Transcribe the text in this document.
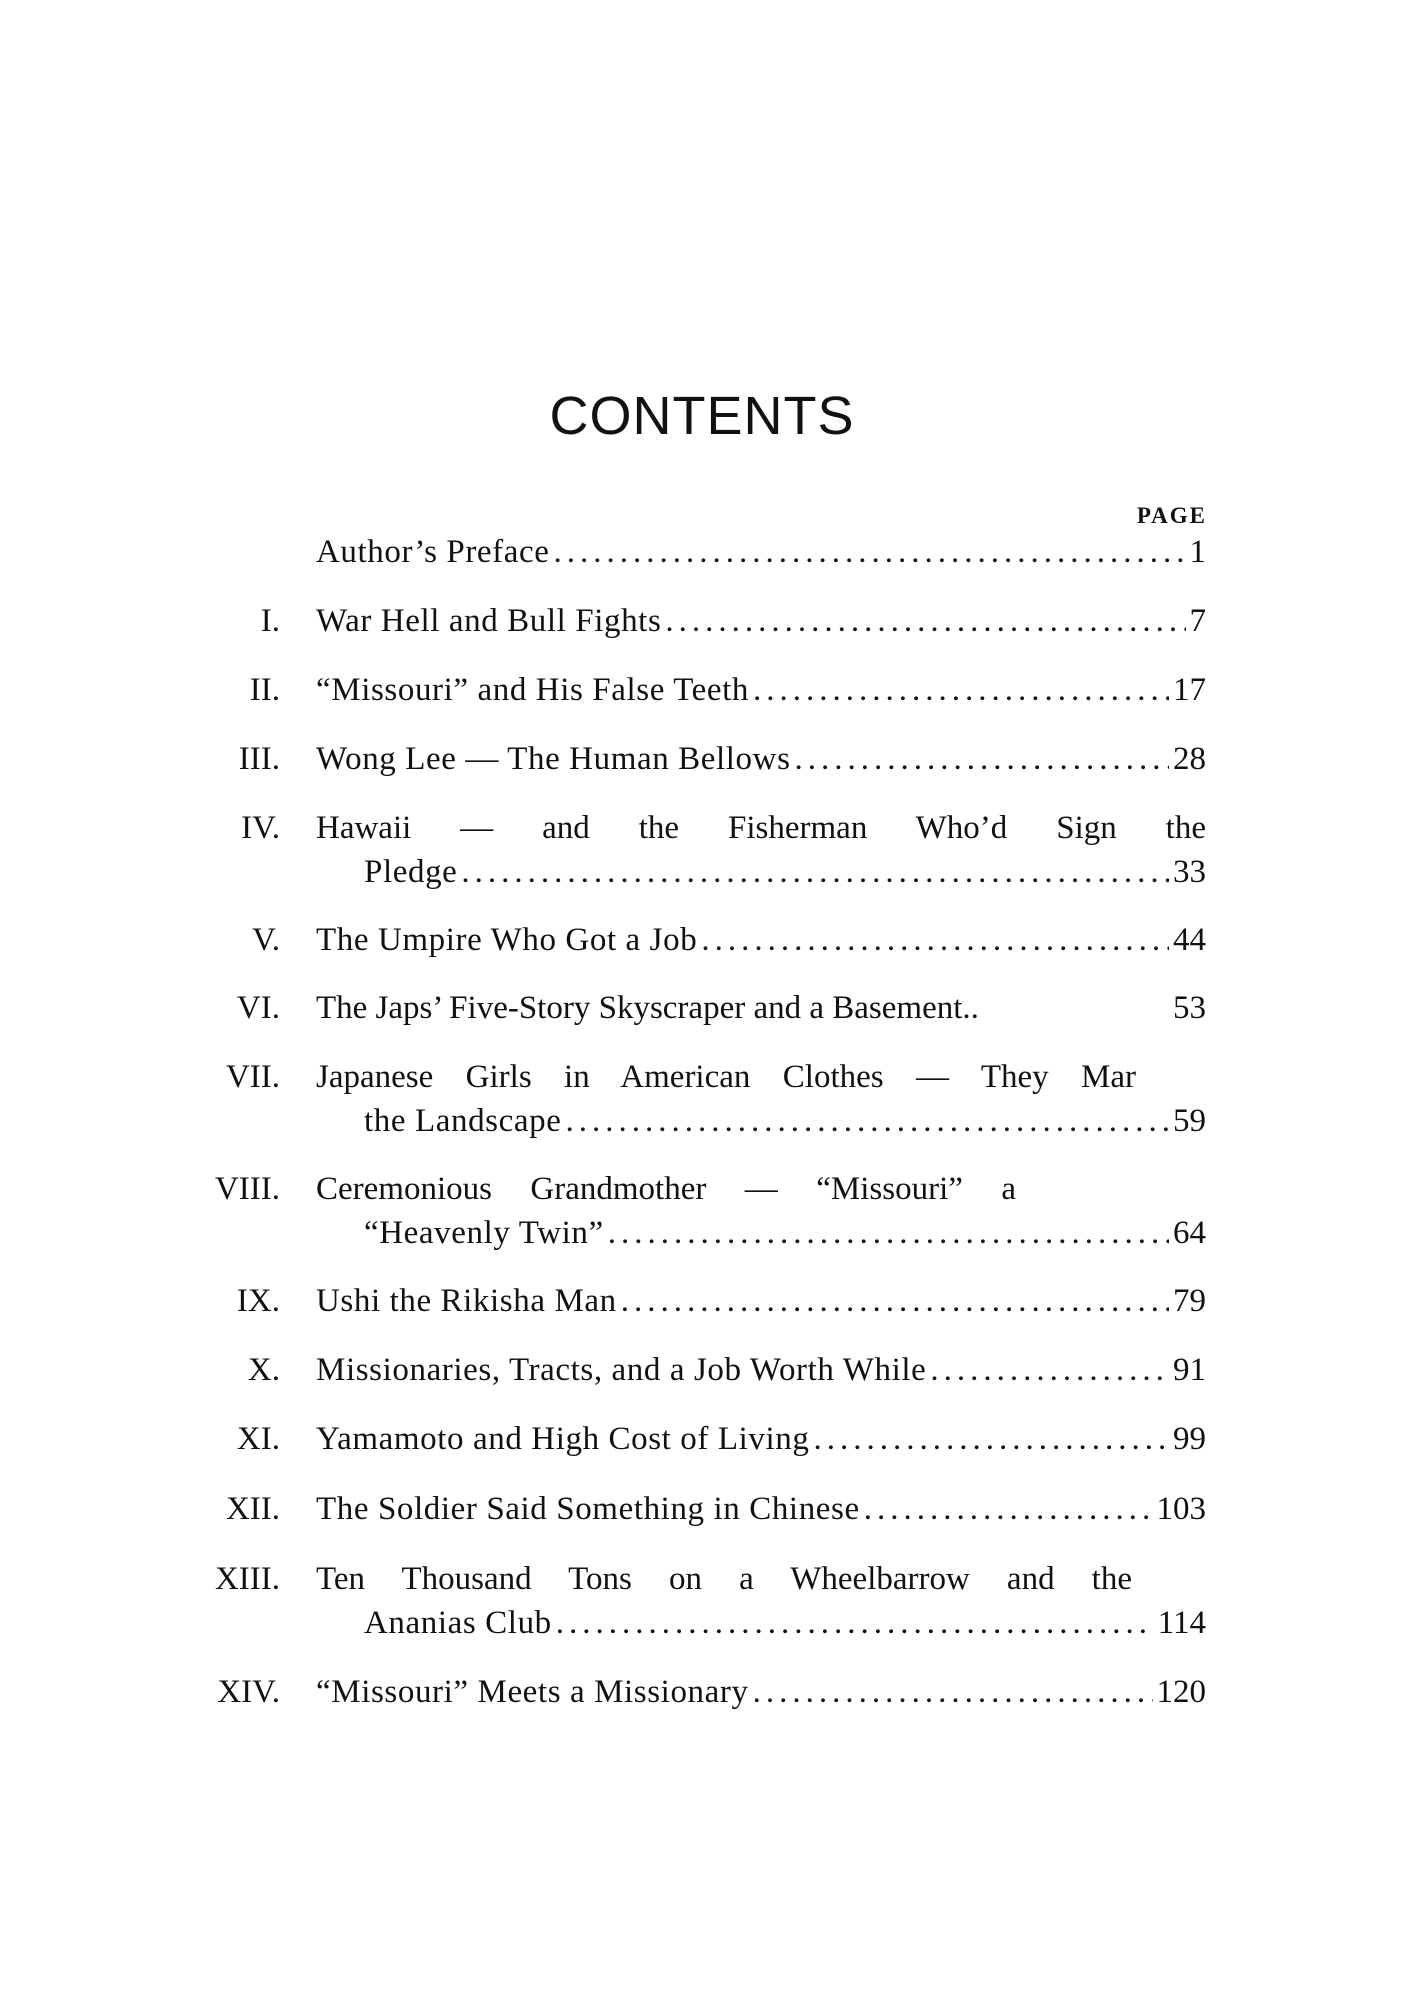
CONTENTS
PAGE
Author’s Preface .....	1
I. War Hell and Bull Fights .....	7
II. “Missouri” and His False Teeth .....	17
III. Wong Lee — The Human Bellows .....	28
IV. Hawaii — and the Fisherman Who’d Sign the
Pledge .....	33
V. The Umpire Who Got a Job .....	44
VI. The Japs’ Five-Story Skyscraper and a Basement..	53
VII. Japanese Girls in American Clothes — They Mar
the Landscape .....	59
VIII. Ceremonious Grandmother — “Missouri” a
“Heavenly Twin” .....	64
IX. Ushi the Rikisha Man .....	79
X. Missionaries, Tracts, and a Job Worth While .....	91
XI. Yamamoto and High Cost of Living .....	99
XII. The Soldier Said Something in Chinese .....	103
XIII. Ten Thousand Tons on a Wheelbarrow and the
Ananias Club .....	114
XIV. “Missouri” Meets a Missionary .....	120
